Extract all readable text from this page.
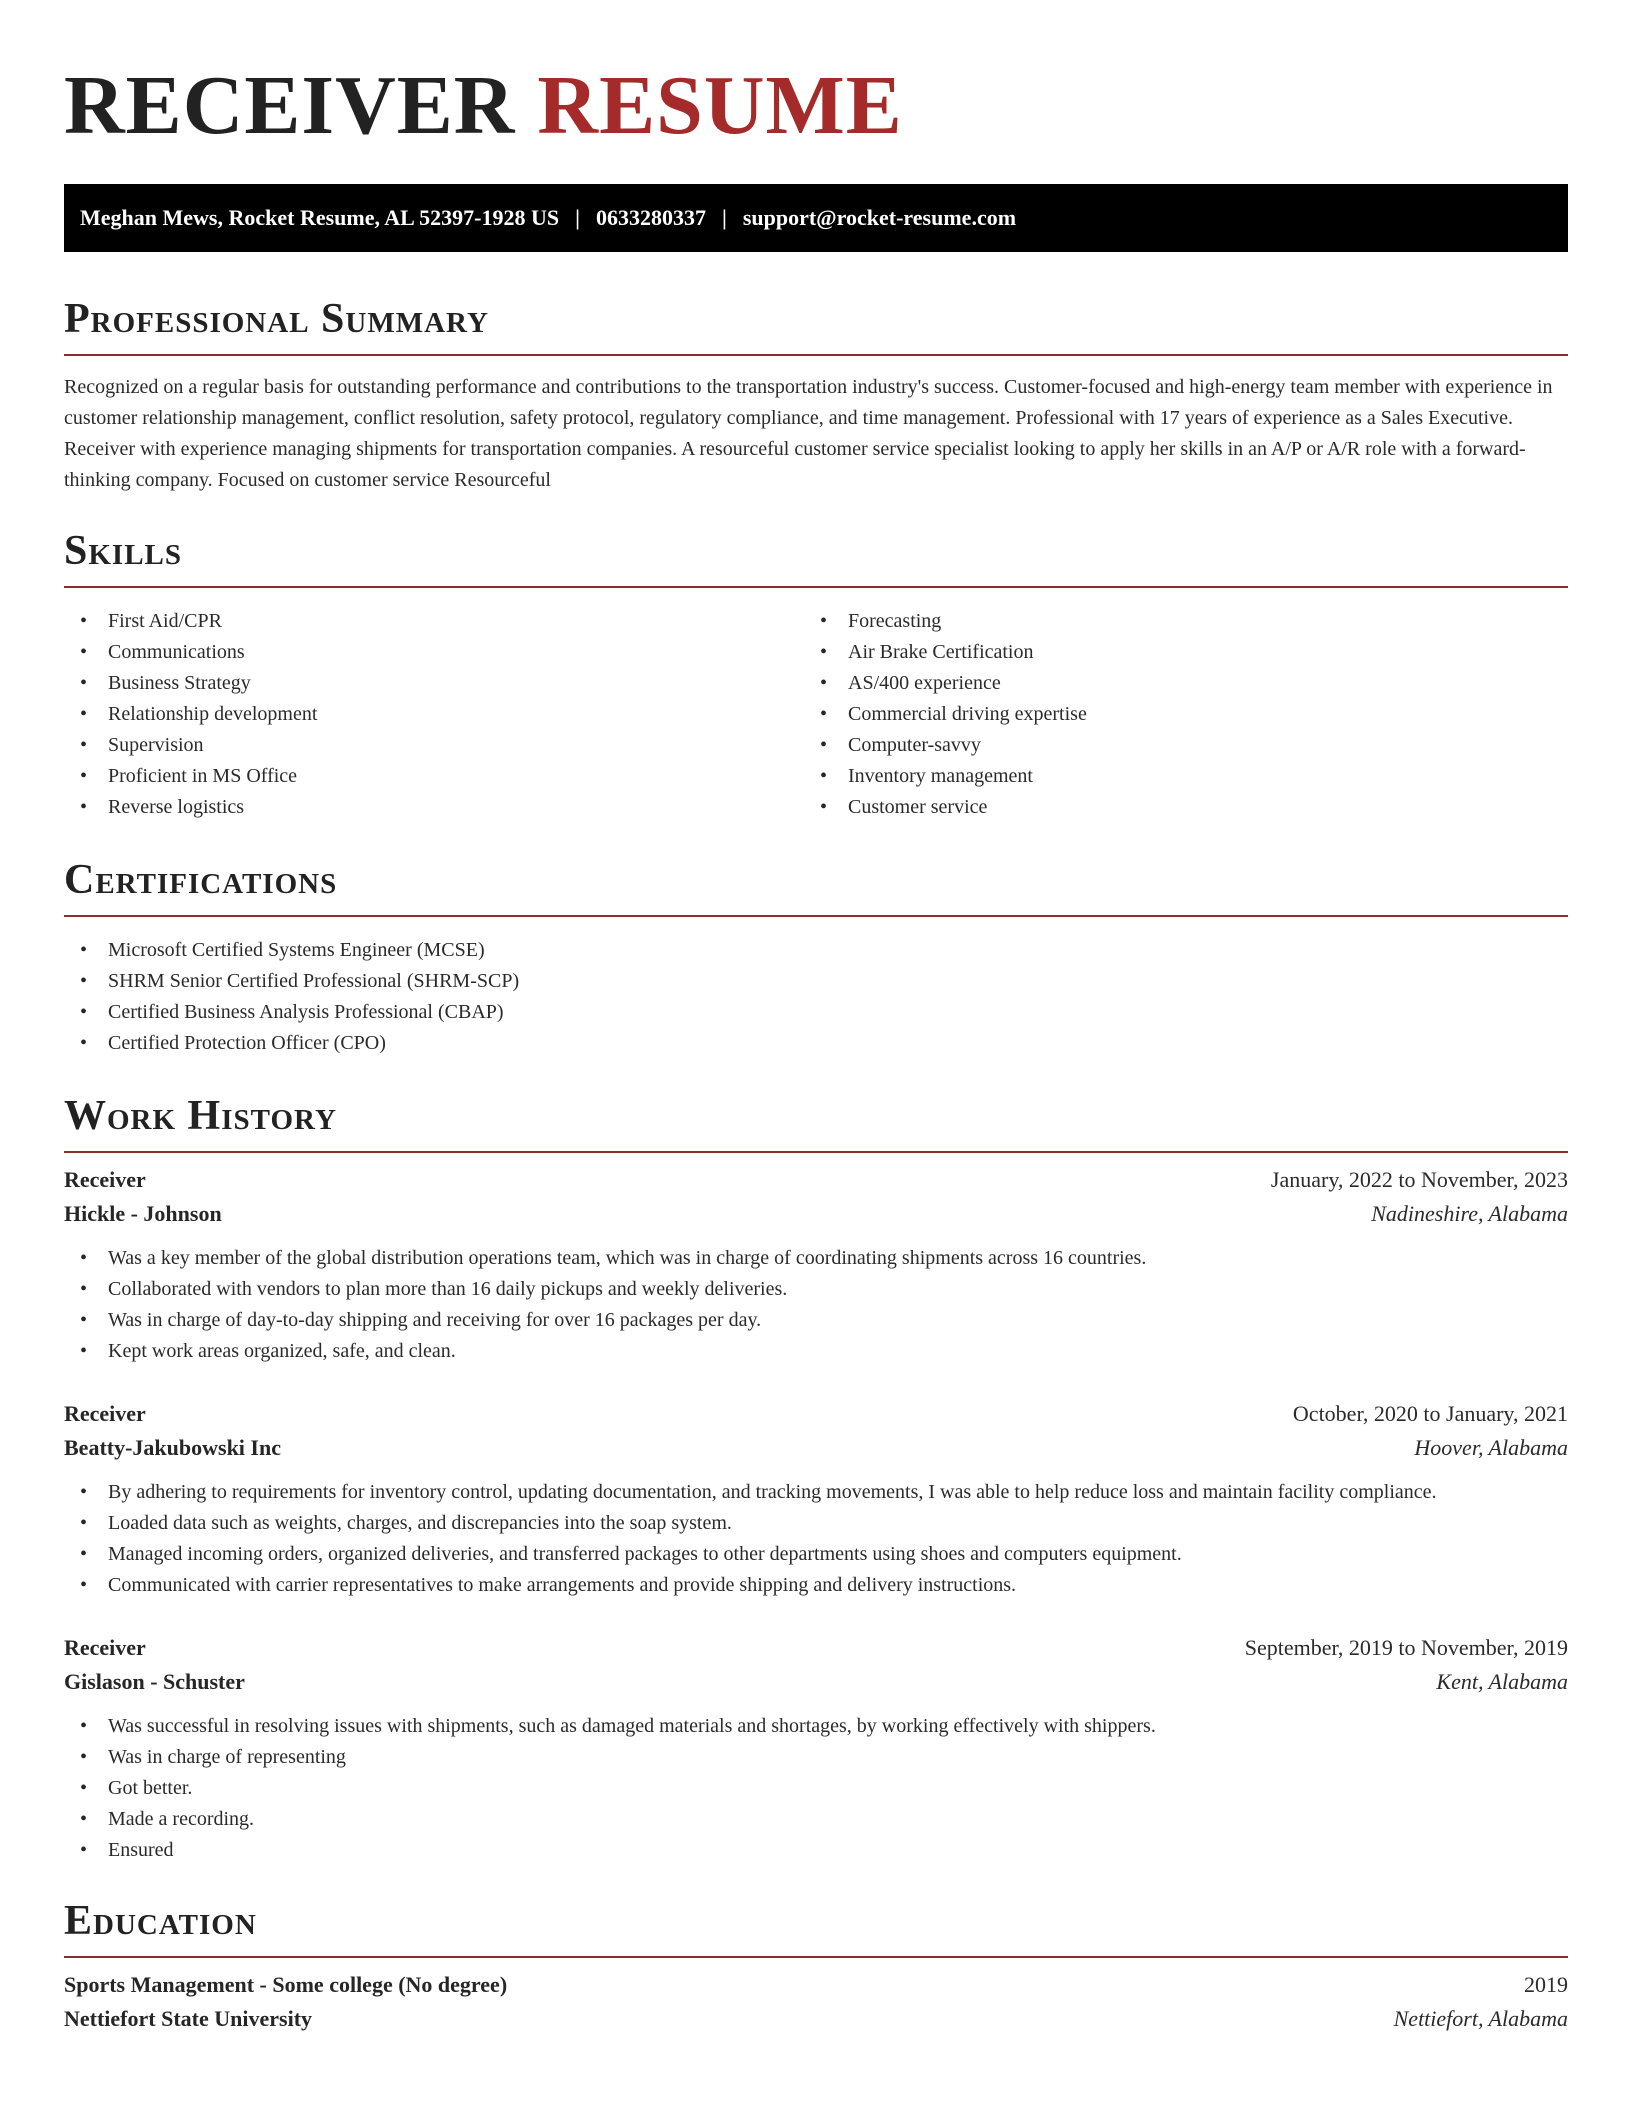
RECEIVER RESUME
Meghan Mews, Rocket Resume, AL 52397-1928 US | 0633280337 | support@rocket-resume.com
Professional Summary

Recognized on a regular basis for outstanding performance and contributions to the transportation industry's success. Customer-focused and high-energy team member with experience in customer relationship management, conflict resolution, safety protocol, regulatory compliance, and time management. Professional with 17 years of experience as a Sales Executive. Receiver with experience managing shipments for transportation companies. A resourceful customer service specialist looking to apply her skills in an A/P or A/R role with a forward-thinking company. Focused on customer service Resourceful

Skills
• First Aid/CPR
• Communications
• Business Strategy
• Relationship development
• Supervision
• Proficient in MS Office
• Reverse logistics
• Forecasting
• Air Brake Certification
• AS/400 experience
• Commercial driving expertise
• Computer-savvy
• Inventory management
• Customer service
Certifications
• Microsoft Certified Systems Engineer (MCSE)
• SHRM Senior Certified Professional (SHRM-SCP)
• Certified Business Analysis Professional (CBAP)
• Certified Protection Officer (CPO)
Work History
Receiver	January, 2022 to November, 2023
Hickle - Johnson	Nadineshire, Alabama
• Was a key member of the global distribution operations team, which was in charge of coordinating shipments across 16 countries.
• Collaborated with vendors to plan more than 16 daily pickups and weekly deliveries.
• Was in charge of day-to-day shipping and receiving for over 16 packages per day.
• Kept work areas organized, safe, and clean.
Receiver	October, 2020 to January, 2021
Beatty-Jakubowski Inc	Hoover, Alabama
• By adhering to requirements for inventory control, updating documentation, and tracking movements, I was able to help reduce loss and maintain facility compliance.
• Loaded data such as weights, charges, and discrepancies into the soap system.
• Managed incoming orders, organized deliveries, and transferred packages to other departments using shoes and computers equipment.
• Communicated with carrier representatives to make arrangements and provide shipping and delivery instructions.
Receiver	September, 2019 to November, 2019
Gislason - Schuster	Kent, Alabama
• Was successful in resolving issues with shipments, such as damaged materials and shortages, by working effectively with shippers.
• Was in charge of representing
• Got better.
• Made a recording.
• Ensured
Education
Sports Management - Some college (No degree)	2019
Nettiefort State University	Nettiefort, Alabama
